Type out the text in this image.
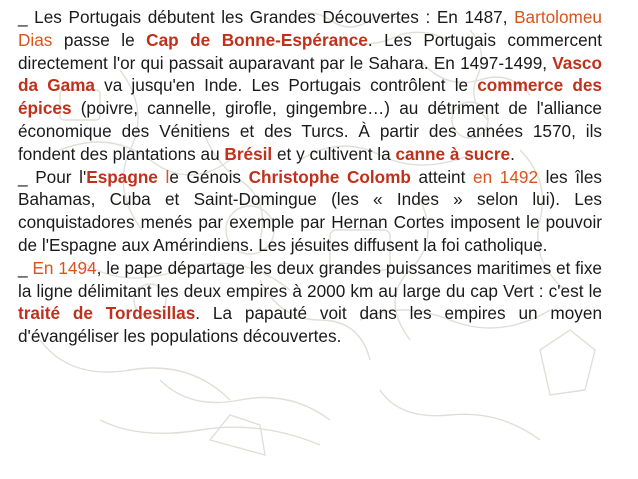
_ Les Portugais débutent les Grandes Découvertes : En 1487, Bartolomeu Dias passe le Cap de Bonne-Espérance. Les Portugais commercent directement l'or qui passait auparavant par le Sahara. En 1497-1499, Vasco da Gama va jusqu'en Inde. Les Portugais contrôlent le commerce des épices (poivre, cannelle, girofle, gingembre…) au détriment de l'alliance économique des Vénitiens et des Turcs. À partir des années 1570, ils fondent des plantations au Brésil et y cultivent la canne à sucre.

_ Pour l'Espagne le Génois Christophe Colomb atteint en 1492 les îles Bahamas, Cuba et Saint-Domingue (les « Indes » selon lui). Les conquistadores menés par exemple par Hernan Cortes imposent le pouvoir de l'Espagne aux Amérindiens. Les jésuites diffusent la foi catholique.

_ En 1494, le pape départage les deux grandes puissances maritimes et fixe la ligne délimitant les deux empires à 2000 km au large du cap Vert : c'est le traité de Tordesillas. La papauté voit dans les empires un moyen d'évangéliser les populations découvertes.
